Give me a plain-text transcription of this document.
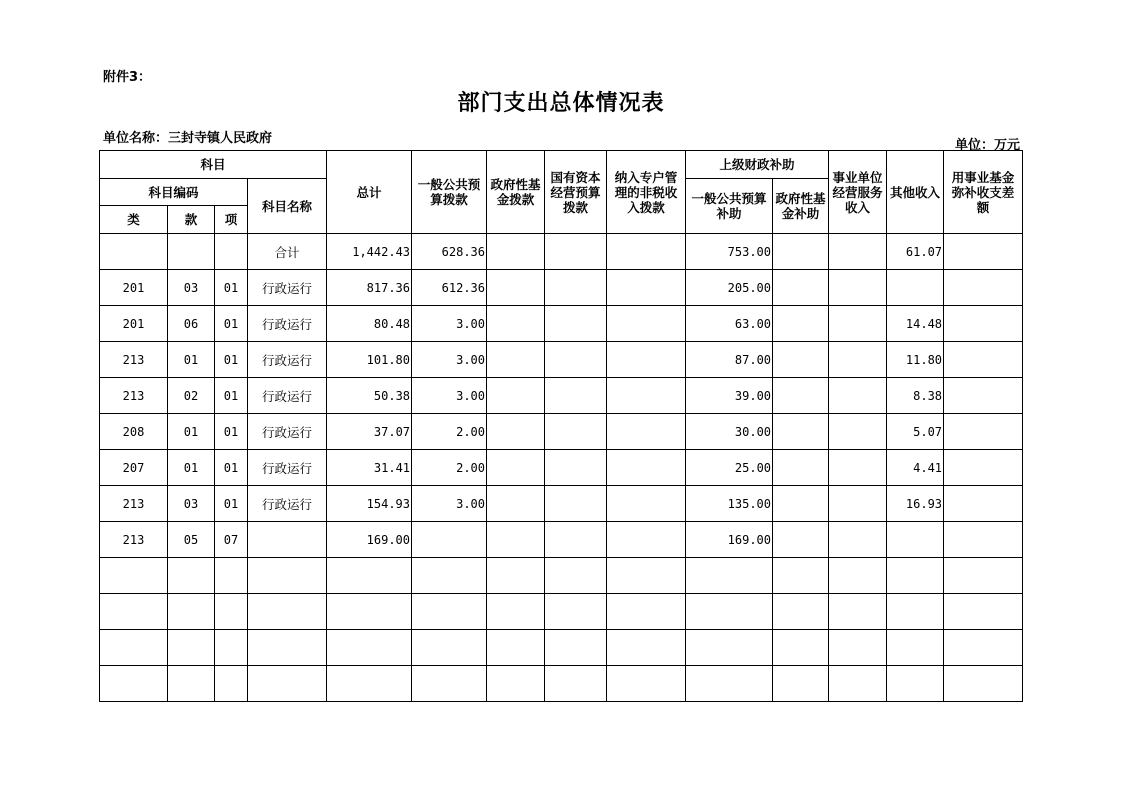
附件3：
部门支出总体情况表
单位名称：三封寺镇人民政府	单位：万元
科目				总计	一般公共预算拨款	政府性基金拨款	国有资本经营预算拨款	纳入专户管理的非税收入拨款	上级财政补助		事业单位经营服务收入	其他收入	用事业基金弥补收支差额
科目编码			科目名称						一般公共预算补助	政府性基金补助			
类	款	项											
			合计	1,442.43	628.36				753.00			61.07	
201	03	01	行政运行	817.36	612.36				205.00				
201	06	01	行政运行	80.48	3.00				63.00			14.48	
213	01	01	行政运行	101.80	3.00				87.00			11.80	
213	02	01	行政运行	50.38	3.00				39.00			8.38	
208	01	01	行政运行	37.07	2.00				30.00			5.07	
207	01	01	行政运行	31.41	2.00				25.00			4.41	
213	03	01	行政运行	154.93	3.00				135.00			16.93	
213	05	07		169.00					169.00				
